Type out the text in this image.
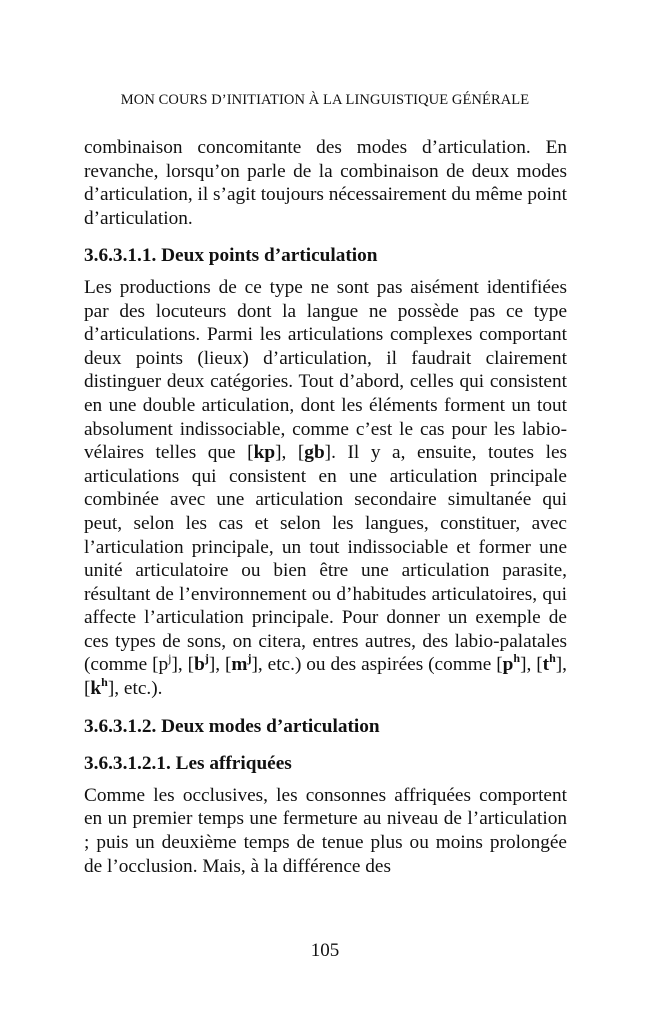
MON COURS D’INITIATION À LA LINGUISTIQUE GÉNÉRALE

combinaison concomitante des modes d’articulation. En revanche, lorsqu’on parle de la combinaison de deux modes d’articulation, il s’agit toujours nécessairement du même point d’articulation.

3.6.3.1.1. Deux points d’articulation

Les productions de ce type ne sont pas aisément identifiées par des locuteurs dont la langue ne possède pas ce type d’articulations. Parmi les articulations complexes comportant deux points (lieux) d’articulation, il faudrait clairement distinguer deux catégories. Tout d’abord, celles qui consistent en une double articulation, dont les éléments forment un tout absolument indissociable, comme c’est le cas pour les labio-vélaires telles que [kp], [gb]. Il y a, ensuite, toutes les articulations qui consistent en une articulation principale combinée avec une articulation secondaire simultanée qui peut, selon les cas et selon les langues, constituer, avec l’articulation principale, un tout indissociable et former une unité articulatoire ou bien être une articulation parasite, résultant de l’environnement ou d’habitudes articulatoires, qui affecte l’articulation principale. Pour donner un exemple de ces types de sons, on citera, entres autres, des labio-palatales (comme $[p^j]$, $[b^j]$, $[m^j]$, etc.) ou des aspirées (comme $[p^h]$, $[t^h]$, $[k^h]$, etc.).

3.6.3.1.2. Deux modes d’articulation
3.6.3.1.2.1. Les affriquées

Comme les occlusives, les consonnes affriquées comportent en un premier temps une fermeture au niveau de l’articulation ; puis un deuxième temps de tenue plus ou moins prolongée de l’occlusion. Mais, à la différence des

105
